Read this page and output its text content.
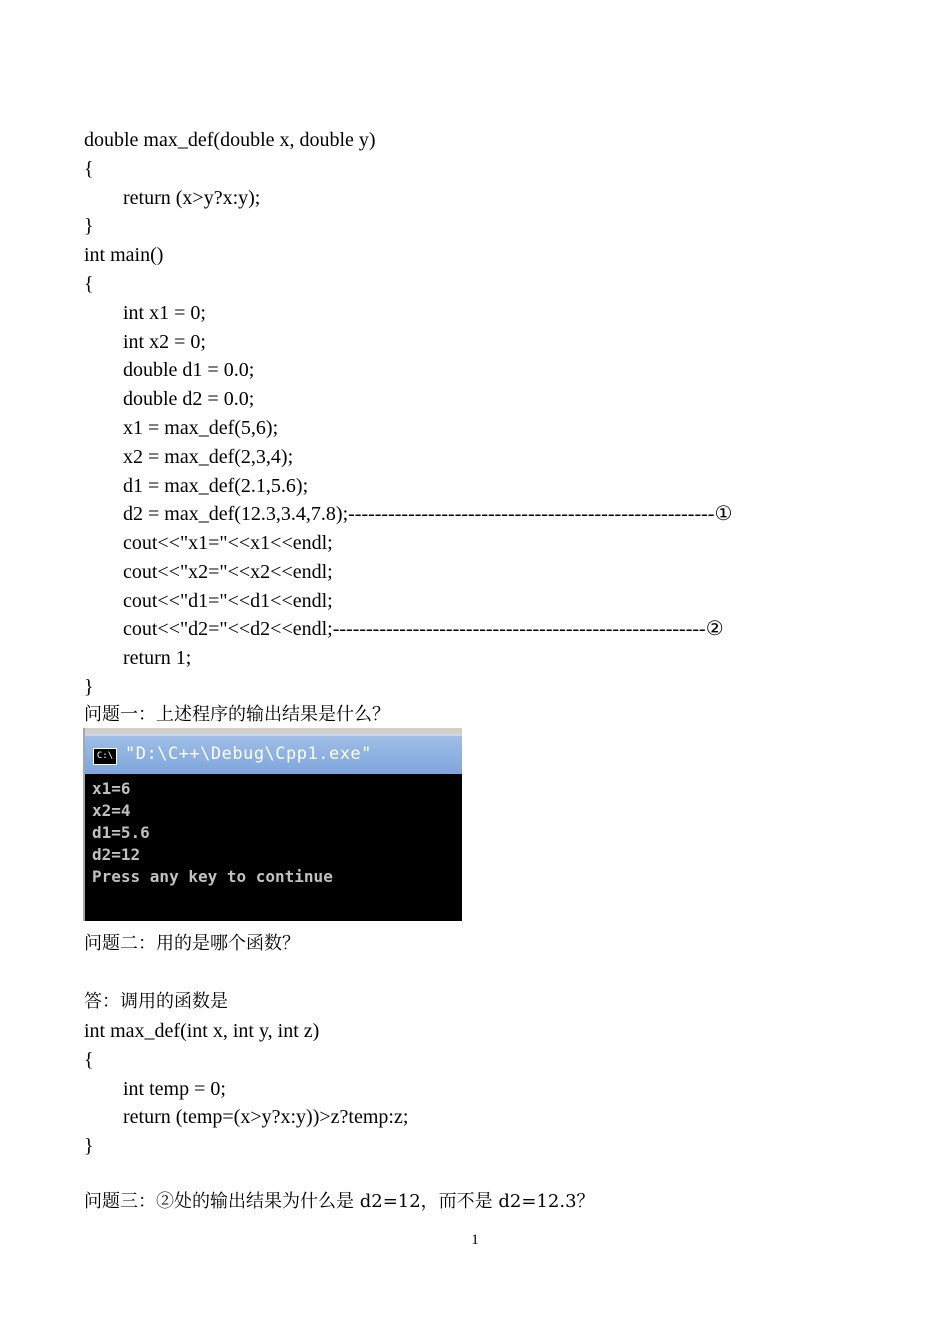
double max_def(double x, double y)
{
return (x>y?x:y);
}
int main()
{
int x1 = 0;
int x2 = 0;
double d1 = 0.0;
double d2 = 0.0;
x1 = max_def(5,6);
x2 = max_def(2,3,4);
d1 = max_def(2.1,5.6);
d2 = max_def(12.3,3.4,7.8);-------------------------------------------------------①
cout<<"x1="<<x1<<endl;
cout<<"x2="<<x2<<endl;
cout<<"d1="<<d1<<endl;
cout<<"d2="<<d2<<endl;--------------------------------------------------------②
return 1;
}
问题一：上述程序的输出结果是什么？
C:\ "D:\C++\Debug\Cpp1.exe"
x1=6
x2=4
d1=5.6
d2=12
Press any key to continue
问题二：用的是哪个函数？
答：调用的函数是
int max_def(int x, int y, int z)
{
int temp = 0;
return (temp=(x>y?x:y))>z?temp:z;
}
问题三：②处的输出结果为什么是 d2=12，而不是 d2=12.3？
1
